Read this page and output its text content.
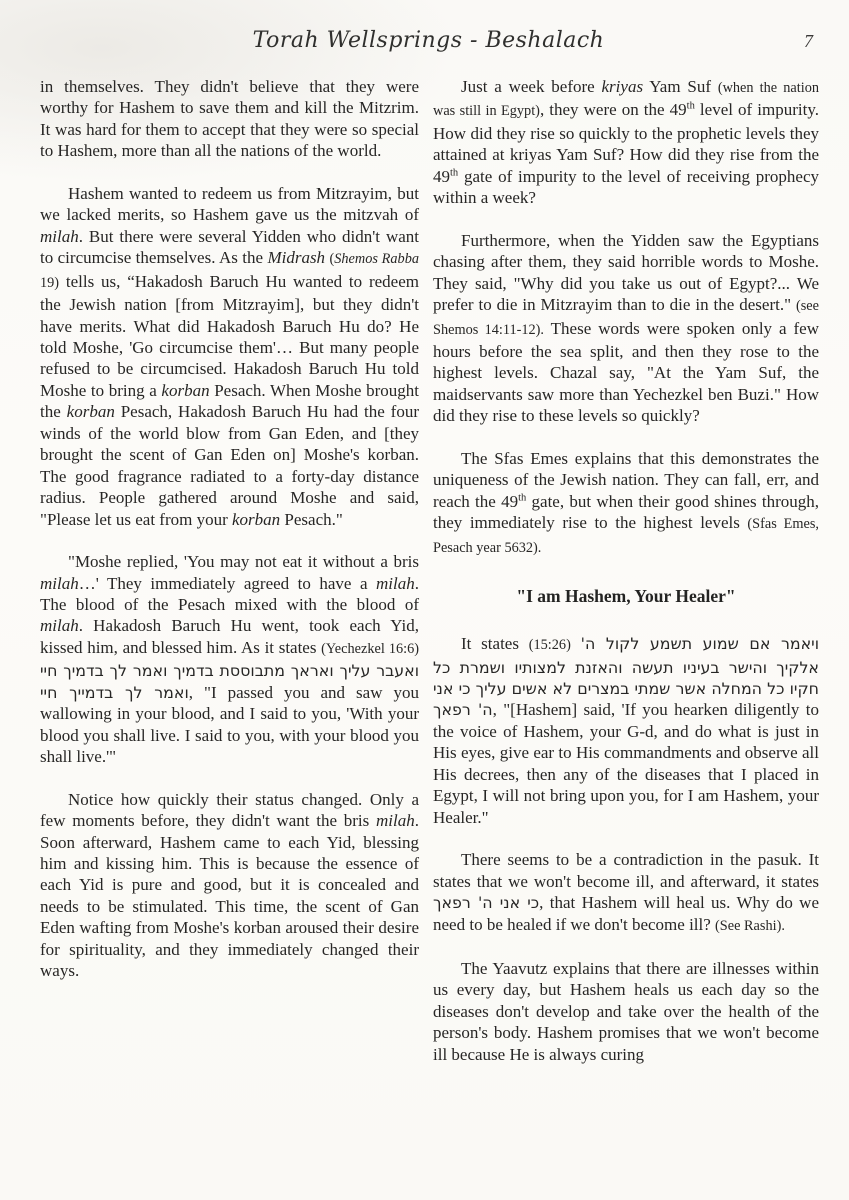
Torah Wellsprings - Beshalach	7

in themselves. They didn't believe that they were worthy for Hashem to save them and kill the Mitzrim. It was hard for them to accept that they were so special to Hashem, more than all the nations of the world.

Hashem wanted to redeem us from Mitzrayim, but we lacked merits, so Hashem gave us the mitzvah of milah. But there were several Yidden who didn't want to circumcise themselves. As the Midrash (Shemos Rabba 19) tells us, “Hakadosh Baruch Hu wanted to redeem the Jewish nation [from Mitzrayim], but they didn't have merits. What did Hakadosh Baruch Hu do? He told Moshe, 'Go circumcise them'… But many people refused to be circumcised. Hakadosh Baruch Hu told Moshe to bring a korban Pesach. When Moshe brought the korban Pesach, Hakadosh Baruch Hu had the four winds of the world blow from Gan Eden, and [they brought the scent of Gan Eden on] Moshe's korban. The good fragrance radiated to a forty-day distance radius. People gathered around Moshe and said, "Please let us eat from your korban Pesach."

"Moshe replied, 'You may not eat it without a bris milah…' They immediately agreed to have a milah. The blood of the Pesach mixed with the blood of milah. Hakadosh Baruch Hu went, took each Yid, kissed him, and blessed him. As it states (Yechezkel 16:6) ואעבר עליך ואראך מתבוססת בדמיך ואמר לך בדמיך חיי ואמר לך בדמייך חיי, "I passed you and saw you wallowing in your blood, and I said to you, 'With your blood you shall live. I said to you, with your blood you shall live.'"

Notice how quickly their status changed. Only a few moments before, they didn't want the bris milah. Soon afterward, Hashem came to each Yid, blessing him and kissing him. This is because the essence of each Yid is pure and good, but it is concealed and needs to be stimulated. This time, the scent of Gan Eden wafting from Moshe's korban aroused their desire for spirituality, and they immediately changed their ways.

Just a week before kriyas Yam Suf (when the nation was still in Egypt), they were on the 49th level of impurity. How did they rise so quickly to the prophetic levels they attained at kriyas Yam Suf? How did they rise from the 49th gate of impurity to the level of receiving prophecy within a week?

Furthermore, when the Yidden saw the Egyptians chasing after them, they said horrible words to Moshe. They said, "Why did you take us out of Egypt?... We prefer to die in Mitzrayim than to die in the desert." (see Shemos 14:11-12). These words were spoken only a few hours before the sea split, and then they rose to the highest levels. Chazal say, "At the Yam Suf, the maidservants saw more than Yechezkel ben Buzi." How did they rise to these levels so quickly?

The Sfas Emes explains that this demonstrates the uniqueness of the Jewish nation. They can fall, err, and reach the 49th gate, but when their good shines through, they immediately rise to the highest levels (Sfas Emes, Pesach year 5632).

"I am Hashem, Your Healer"

It states (15:26) ויאמר אם שמוע תשמע לקול ה' אלקיך והישר בעיניו תעשה והאזנת למצותיו ושמרת כל חקיו כל המחלה אשר שמתי במצרים לא אשים עליך כי אני ה' רפאך, "[Hashem] said, 'If you hearken diligently to the voice of Hashem, your G-d, and do what is just in His eyes, give ear to His commandments and observe all His decrees, then any of the diseases that I placed in Egypt, I will not bring upon you, for I am Hashem, your Healer."

There seems to be a contradiction in the pasuk. It states that we won't become ill, and afterward, it states כי אני ה' רפאך, that Hashem will heal us. Why do we need to be healed if we don't become ill? (See Rashi).

The Yaavutz explains that there are illnesses within us every day, but Hashem heals us each day so the diseases don't develop and take over the health of the person's body. Hashem promises that we won't become ill because He is always curing
